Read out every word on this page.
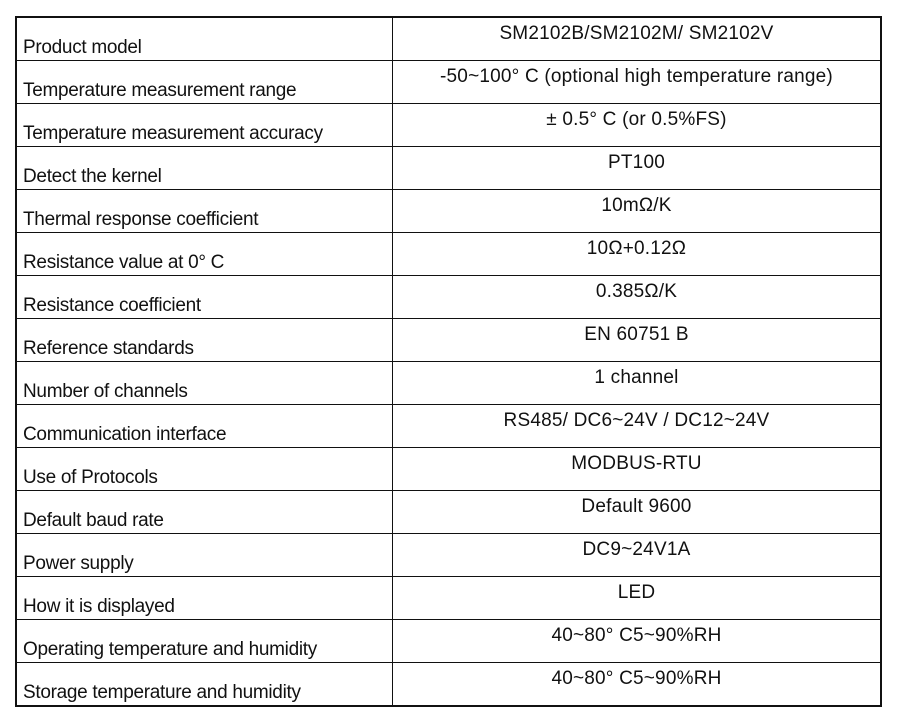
Product model	SM2102B/SM2102M/ SM2102V
Temperature measurement range	-50~100° C (optional high temperature range)
Temperature measurement accuracy	± 0.5° C (or 0.5%FS)
Detect the kernel	PT100
Thermal response coefficient	10mΩ/K
Resistance value at 0° C	10Ω+0.12Ω
Resistance coefficient	0.385Ω/K
Reference standards	EN 60751 B
Number of channels	1 channel
Communication interface	RS485/ DC6~24V / DC12~24V
Use of Protocols	MODBUS-RTU
Default baud rate	Default 9600
Power supply	DC9~24V1A
How it is displayed	LED
Operating temperature and humidity	40~80° C5~90%RH
Storage temperature and humidity	40~80° C5~90%RH
